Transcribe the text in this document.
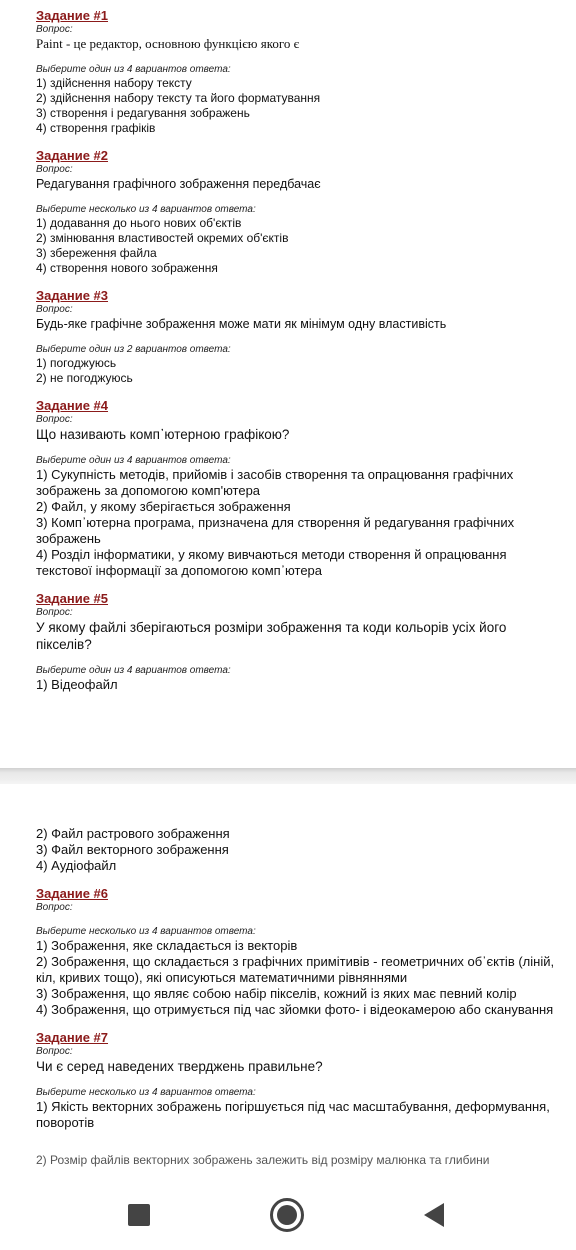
Задание #1
Вопрос:
Paint - це редактор, основною функцією якого є
Выберите один из 4 вариантов ответа:
1) здійснення набору тексту
2) здійснення набору тексту та його форматування
3) створення і редагування зображень
4) створення графіків
Задание #2
Вопрос:
Редагування графічного зображення передбачає
Выберите несколько из 4 вариантов ответа:
1) додавання до нього нових об'єктів
2) змінювання властивостей окремих об'єктів
3) збереження файла
4) створення нового зображення
Задание #3
Вопрос:
Будь-яке графічне зображення може мати як мінімум одну властивість
Выберите один из 2 вариантов ответа:
1) погоджуюсь
2) не погоджуюсь
Задание #4
Вопрос:
Що називають комп᾿ютерною графікою?
Выберите один из 4 вариантов ответа:
1) Сукупність методів, прийомів і засобів створення та опрацювання графічних зображень за допомогою комп'ютера
2) Файл, у якому зберігається зображення
3) Комп᾿ютерна програма, призначена для створення й редагування графічних зображень
4) Розділ інформатики, у якому вивчаються методи створення й опрацювання текстової інформації за допомогою комп᾿ютера
Задание #5
Вопрос:
У якому файлі зберігаються розміри зображення та коди кольорів усіх його пікселів?
Выберите один из 4 вариантов ответа:
1) Відеофайл
2) Файл растрового зображення
3) Файл векторного зображення
4) Аудіофайл
Задание #6
Вопрос:
Выберите несколько из 4 вариантов ответа:
1) Зображення, яке складається із векторів
2) Зображення, що складається з графічних примітивів - геометричних об᾿єктів (ліній, кіл, кривих тощо), які описуються математичними рівняннями
3) Зображення, що являє собою набір пікселів, кожний із яких має певний колір
4) Зображення, що отримується під час зйомки фото- і відеокамерою або сканування
Задание #7
Вопрос:
Чи є серед наведених тверджень правильне?
Выберите несколько из 4 вариантов ответа:
1) Якість векторних зображень погіршується під час масштабування, деформування, поворотів
2) Розмір файлів векторних зображень залежить від розміру малюнка та глибини
